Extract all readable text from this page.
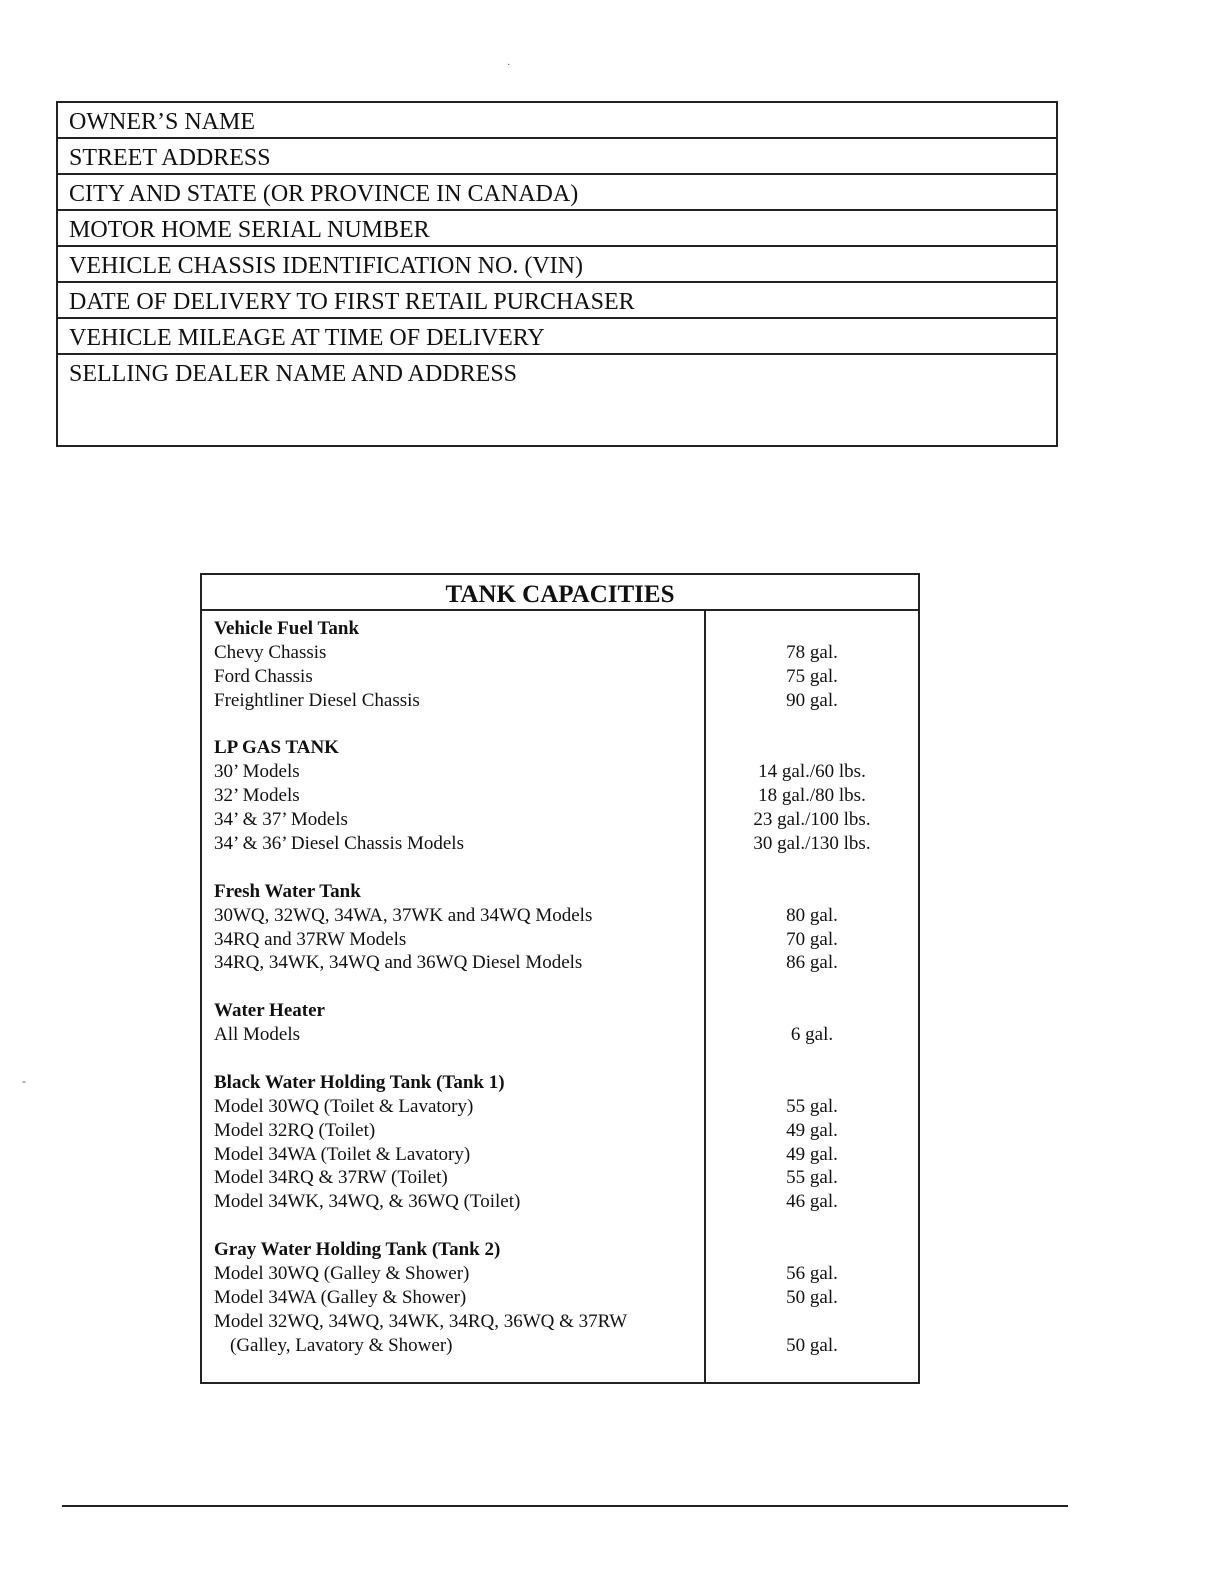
OWNER’S NAME
STREET ADDRESS
CITY AND STATE (OR PROVINCE IN CANADA)
MOTOR HOME SERIAL NUMBER
VEHICLE CHASSIS IDENTIFICATION NO. (VIN)
DATE OF DELIVERY TO FIRST RETAIL PURCHASER
VEHICLE MILEAGE AT TIME OF DELIVERY
SELLING DEALER NAME AND ADDRESS
TANK CAPACITIES
Vehicle Fuel Tank
Chevy Chassis	78 gal.
Ford Chassis	75 gal.
Freightliner Diesel Chassis	90 gal.
LP GAS TANK
30’ Models	14 gal./60 lbs.
32’ Models	18 gal./80 lbs.
34’ & 37’ Models	23 gal./100 lbs.
34’ & 36’ Diesel Chassis Models	30 gal./130 lbs.
Fresh Water Tank
30WQ, 32WQ, 34WA, 37WK and 34WQ Models	80 gal.
34RQ and 37RW Models	70 gal.
34RQ, 34WK, 34WQ and 36WQ Diesel Models	86 gal.
Water Heater
All Models	6 gal.
Black Water Holding Tank (Tank 1)
Model 30WQ (Toilet & Lavatory)	55 gal.
Model 32RQ (Toilet)	49 gal.
Model 34WA (Toilet & Lavatory)	49 gal.
Model 34RQ & 37RW (Toilet)	55 gal.
Model 34WK, 34WQ, & 36WQ (Toilet)	46 gal.
Gray Water Holding Tank (Tank 2)
Model 30WQ (Galley & Shower)	56 gal.
Model 34WA (Galley & Shower)	50 gal.
Model 32WQ, 34WQ, 34WK, 34RQ, 36WQ & 37RW
(Galley, Lavatory & Shower)	50 gal.
·
-
